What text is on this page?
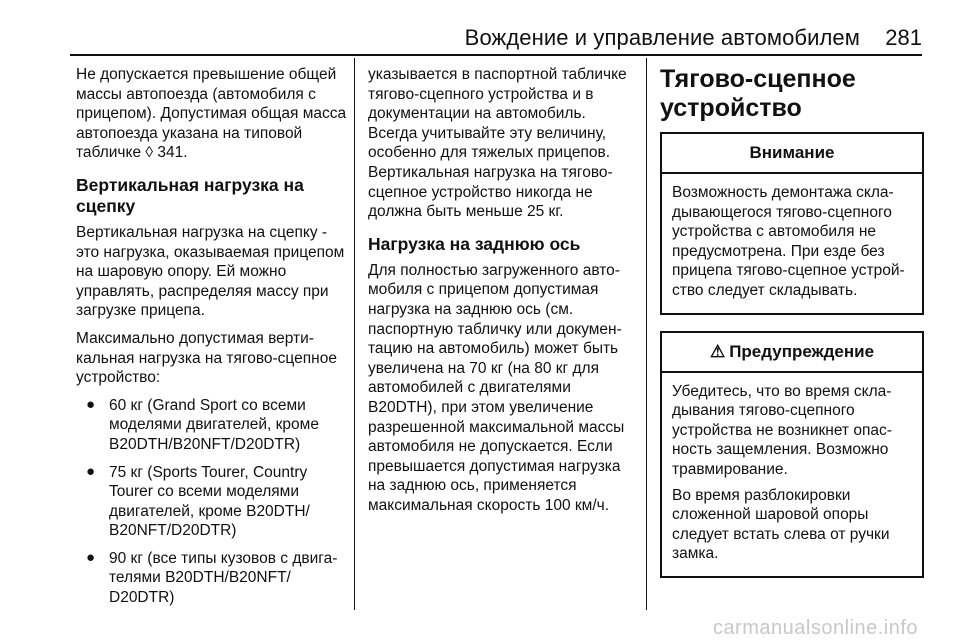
Вождение и управление автомобилем 281

Не допускается превышение общей массы автопоезда (автомобиля с прицепом). Допустимая общая масса автопоезда указана на типовой табличке ◊ 341.

Вертикальная нагрузка на сцепку

Вертикальная нагрузка на сцепку - это нагрузка, оказываемая прицепом на шаровую опору. Ей можно управлять, распределяя массу при загрузке прицепа.

Максимально допустимая вертикальная нагрузка на тягово-сцепное устройство:

● 60 кг (Grand Sport со всеми моделями двигателей, кроме B20DTH/B20NFT/D20DTR)
● 75 кг (Sports Tourer, Country Tourer со всеми моделями двигателей, кроме B20DTH/ B20NFT/D20DTR)
● 90 кг (все типы кузовов с двигателями B20DTH/B20NFT/ D20DTR)

указывается в паспортной табличке тягово-сцепного устройства и в документации на автомобиль. Всегда учитывайте эту величину, особенно для тяжелых прицепов. Вертикальная нагрузка на тягово-сцепное устройство никогда не должна быть меньше 25 кг.

Нагрузка на заднюю ось

Для полностью загруженного автомобиля с прицепом допустимая нагрузка на заднюю ось (см. паспортную табличку или документацию на автомобиль) может быть увеличена на 70 кг (на 80 кг для автомобилей с двигателями B20DTH), при этом увеличение разрешенной максимальной массы автомобиля не допускается. Если превышается допустимая нагрузка на заднюю ось, применяется максимальная скорость 100 км/ч.

Тягово-сцепное устройство
Внимание

Возможность демонтажа складывающегося тягово-сцепного устройства с автомобиля не предусмотрена. При езде без прицепа тягово-сцепное устройство следует складывать.

⚠ Предупреждение

Убедитесь, что во время складывания тягово-сцепного устройства не возникнет опасность защемления. Возможно травмирование.

Во время разблокировки сложенной шаровой опоры следует встать слева от ручки замка.

carmanualsonline.info
